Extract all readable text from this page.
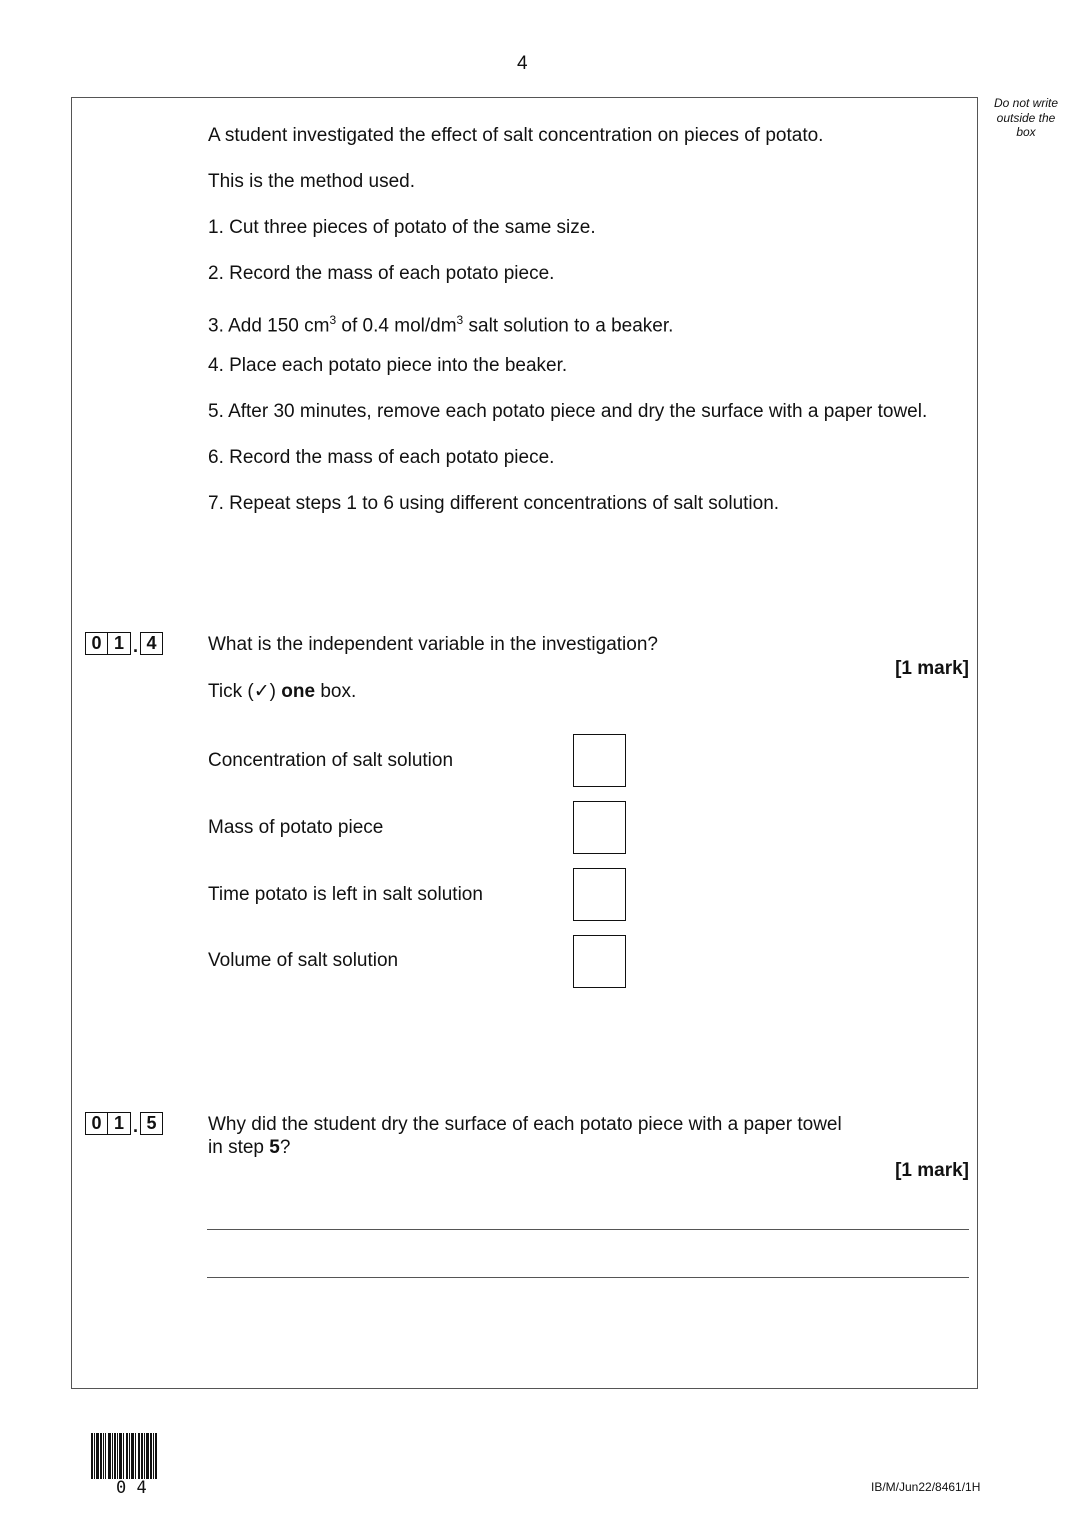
4
Do not write
outside the
box
A student investigated the effect of salt concentration on pieces of potato.
This is the method used.
1. Cut three pieces of potato of the same size.
2. Record the mass of each potato piece.
3. Add 150 $cm^3$ of 0.4 mol/$dm^3$ salt solution to a beaker.
4. Place each potato piece into the beaker.
5. After 30 minutes, remove each potato piece and dry the surface with a paper towel.
6. Record the mass of each potato piece.
7. Repeat steps 1 to 6 using different concentrations of salt solution.
0 1 . 4	What is the independent variable in the investigation?
[1 mark]
Tick (✓) one box.
Concentration of salt solution
Mass of potato piece
Time potato is left in salt solution
Volume of salt solution
0 1 . 5	Why did the student dry the surface of each potato piece with a paper towel
in step 5?
[1 mark]
0 4	IB/M/Jun22/8461/1H
